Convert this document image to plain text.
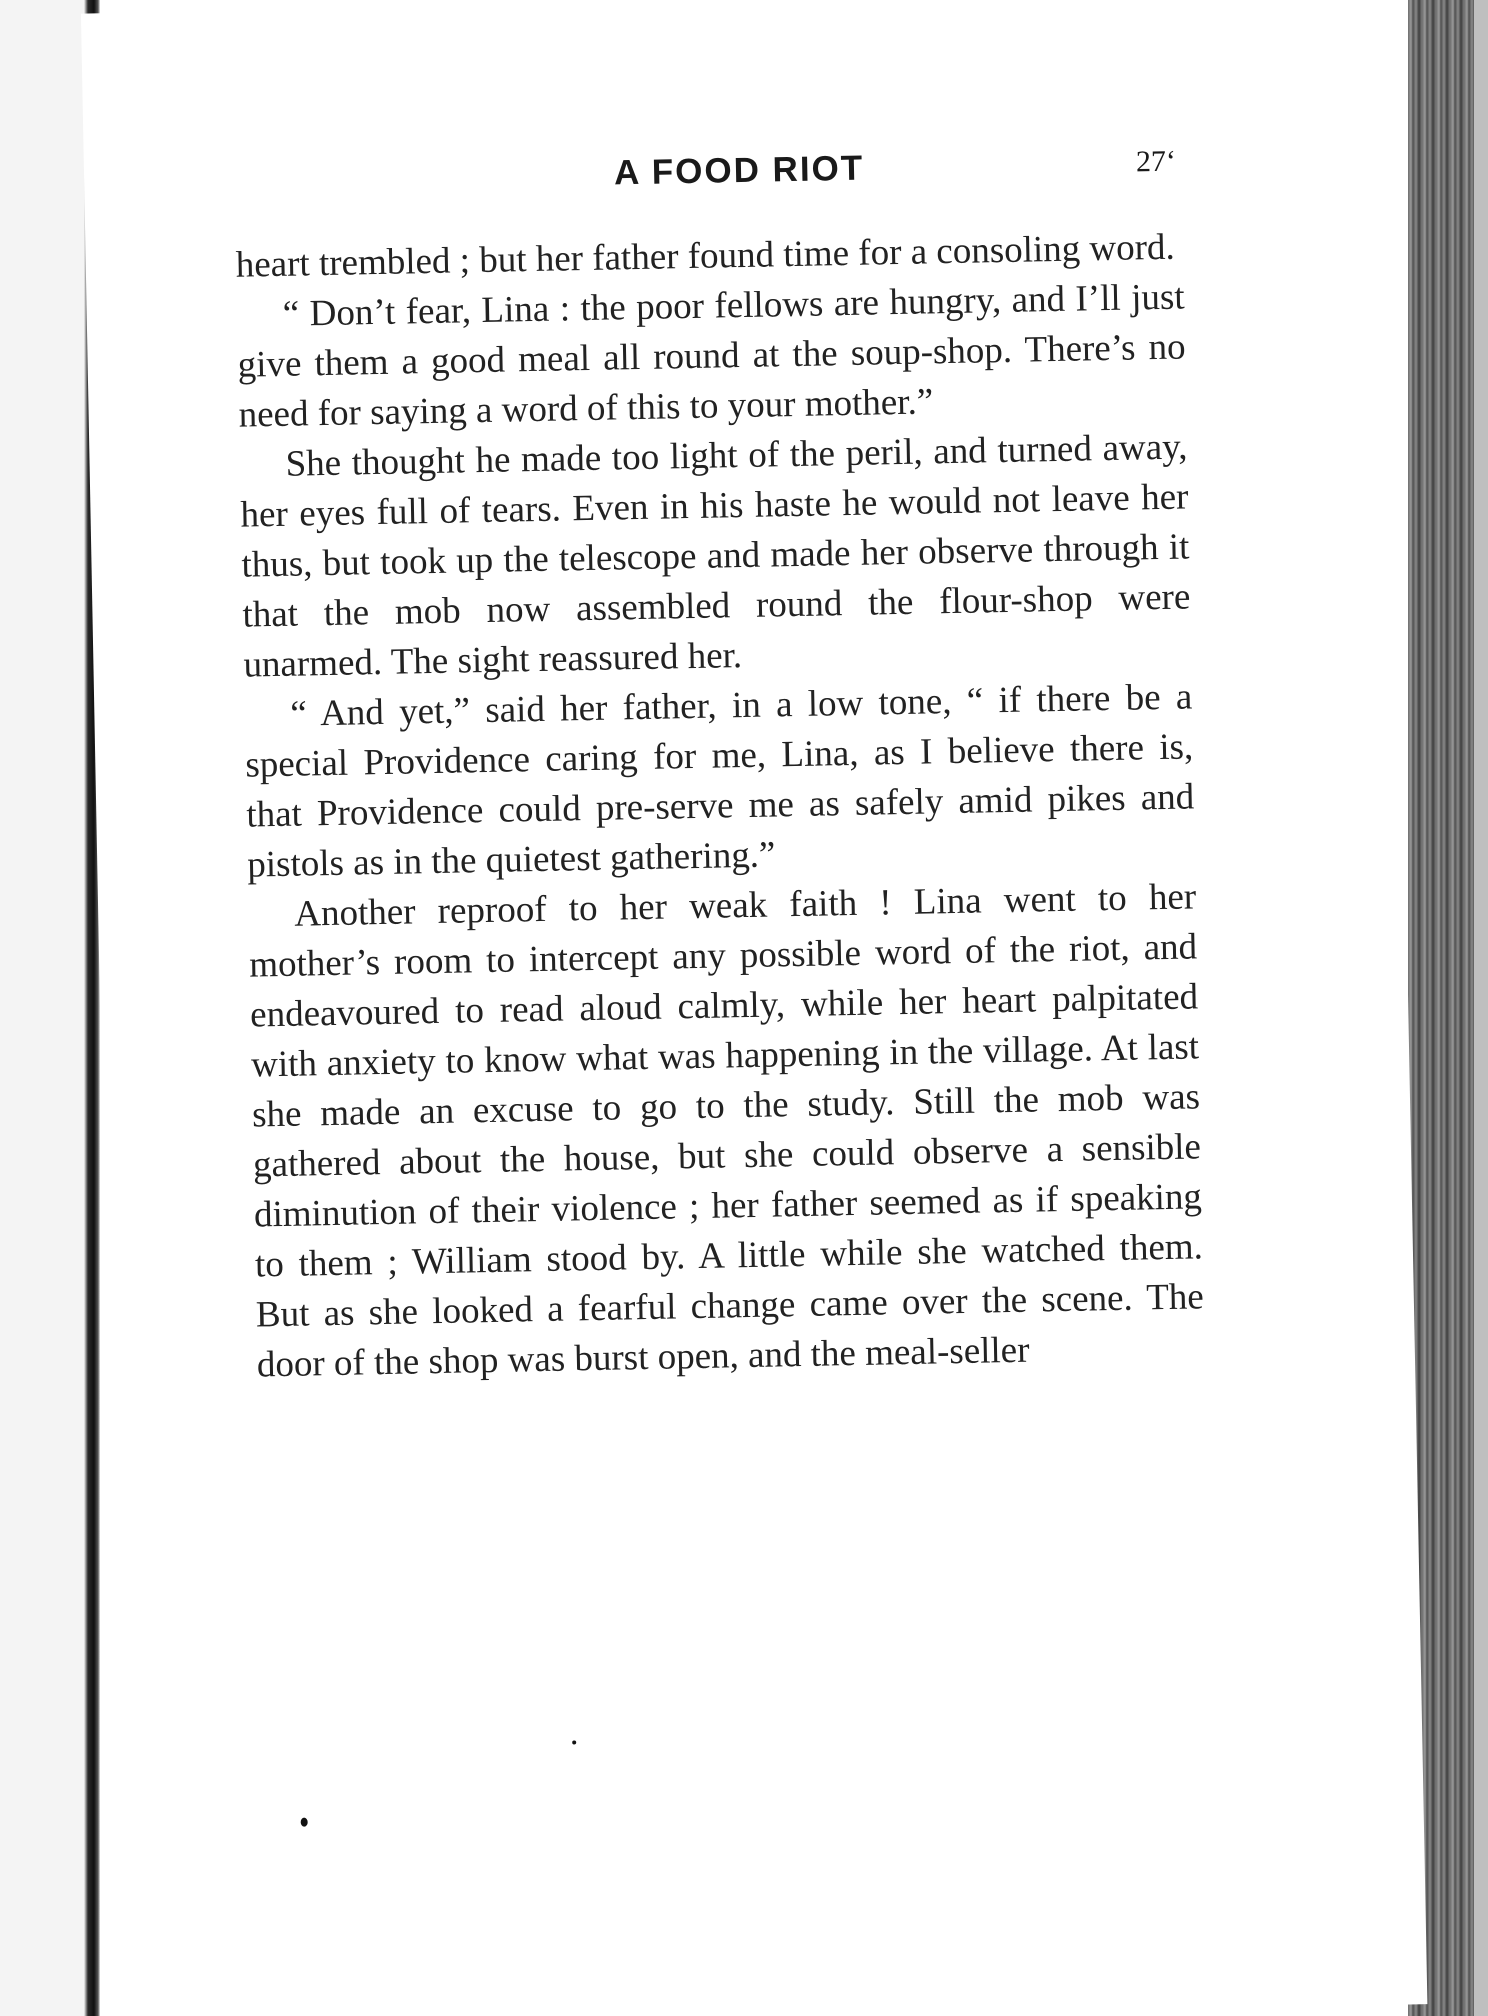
A FOOD RIOT	27‘

heart trembled ; but her father found time for a consoling word.

“ Don’t fear, Lina : the poor fellows are hungry, and I’ll just give them a good meal all round at the soup-shop. There’s no need for saying a word of this to your mother.”

She thought he made too light of the peril, and turned away, her eyes full of tears. Even in his haste he would not leave her thus, but took up the telescope and made her observe through it that the mob now assembled round the flour-shop were unarmed. The sight reassured her.

“ And yet,” said her father, in a low tone, “ if there be a special Providence caring for me, Lina, as I believe there is, that Providence could pre-serve me as safely amid pikes and pistols as in the quietest gathering.”

Another reproof to her weak faith ! Lina went to her mother’s room to intercept any possible word of the riot, and endeavoured to read aloud calmly, while her heart palpitated with anxiety to know what was happening in the village. At last she made an excuse to go to the study. Still the mob was gathered about the house, but she could observe a sensible diminution of their violence ; her father seemed as if speaking to them ; William stood by. A little while she watched them. But as she looked a fearful change came over the scene. The door of the shop was burst open, and the meal-seller
